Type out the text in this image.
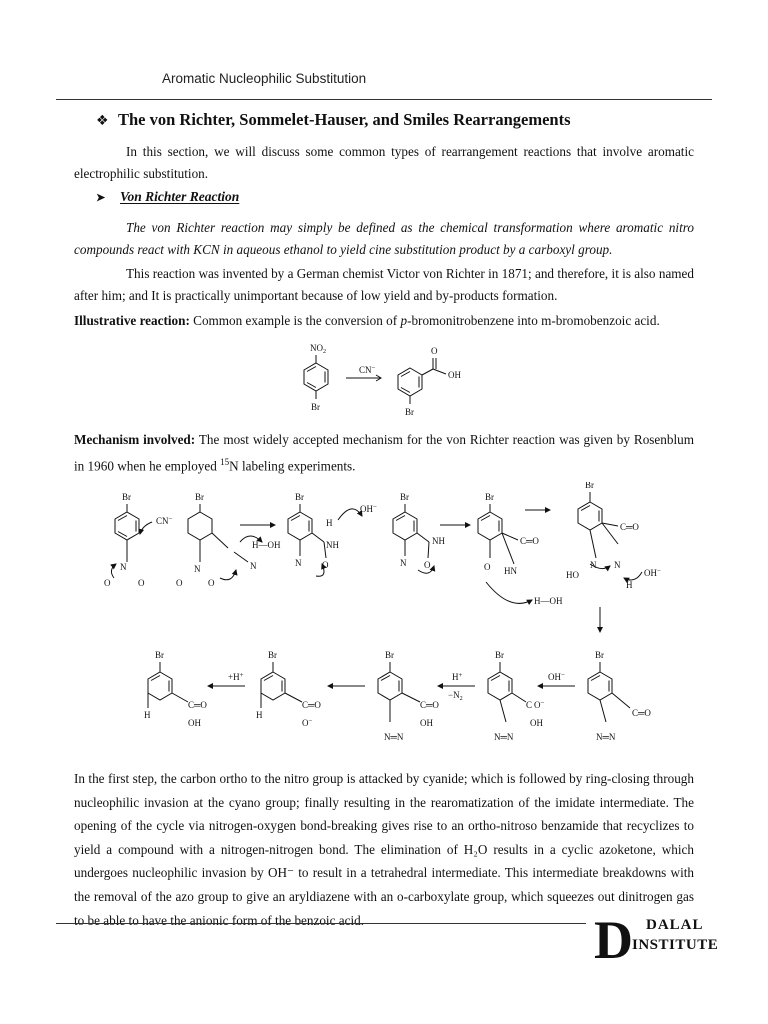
Aromatic Nucleophilic Substitution
❖ The von Richter, Sommelet-Hauser, and Smiles Rearrangements
In this section, we will discuss some common types of rearrangement reactions that involve aromatic electrophilic substitution.
➤ Von Richter Reaction
The von Richter reaction may simply be defined as the chemical transformation where aromatic nitro compounds react with KCN in aqueous ethanol to yield cine substitution product by a carboxyl group.
This reaction was invented by a German chemist Victor von Richter in 1871; and therefore, it is also named after him; and It is practically unimportant because of low yield and by-products formation.
Illustrative reaction: Common example is the conversion of p-bromonitrobenzene into m-bromobenzoic acid.
$NO_2$
Br
CN−
O
OH
Br
Mechanism involved: The most widely accepted mechanism for the von Richter reaction was given by Rosenblum in 1960 when he employed $^{15}$N labeling experiments.
Br
CN−
N
O	O
Br
N
O	O
N
H—OH
Br
H
NH
OH−
N O
Br
NH
N O
Br
C═O
HN
O
H—OH
Br
C═O
HO
N N
H
OH−
Br
C═O
N═N
OH−
Br
C O−
OH
N═N
H+
$-N_2$
Br
C═O
OH
N═N
Br
C═O
O−
H
+H+
Br
C═O
OH
H
In the first step, the carbon ortho to the nitro group is attacked by cyanide; which is followed by ring-closing through nucleophilic invasion at the cyano group; finally resulting in the rearomatization of the imidate intermediate. The opening of the cycle via nitrogen-oxygen bond-breaking gives rise to an ortho-nitroso benzamide that recyclizes to yield a compound with a nitrogen-nitrogen bond. The elimination of H₂O results in a cyclic azoketone, which undergoes nucleophilic invasion by OH⁻ to result in a tetrahedral intermediate. This intermediate breakdowns with the removal of the azo group to give an aryldiazene with an o-carboxylate group, which squeezes out dinitrogen gas to be able to have the anionic form of the benzoic acid.	D DALAL
INSTITUTE
